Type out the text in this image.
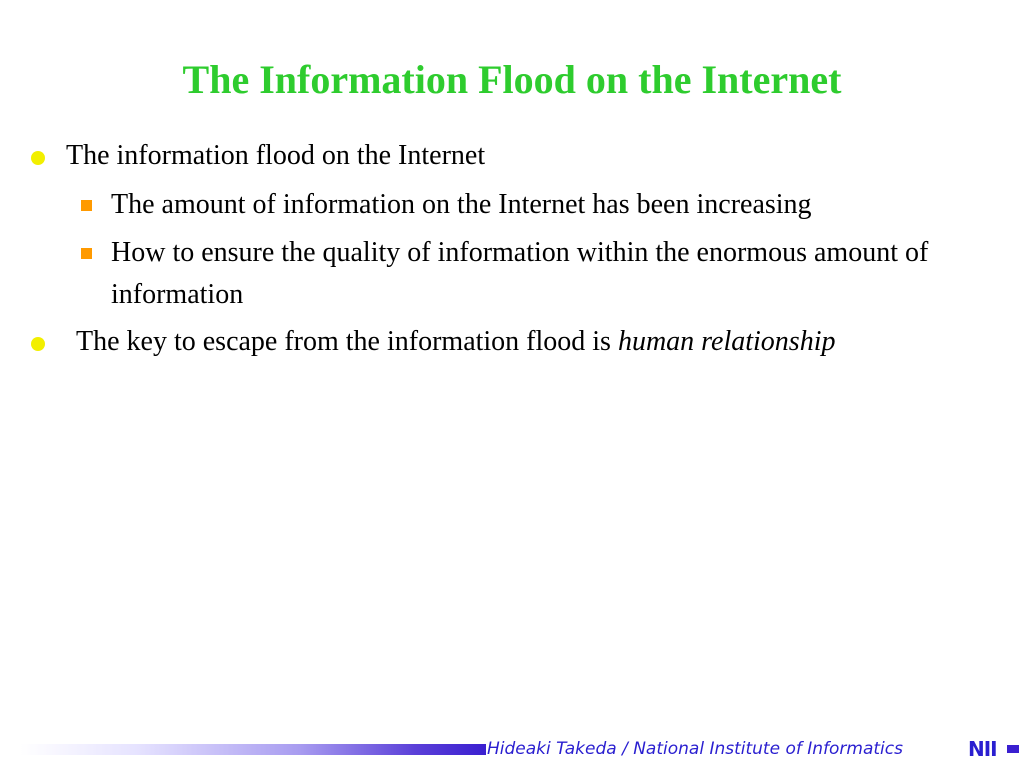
The Information Flood on the Internet
The information flood on the Internet
The amount of information on the Internet has been increasing
How to ensure the quality of information within the enormous amount of information
The key to escape from the information flood is human relationship
Hideaki Takeda / National Institute of Informatics	NII
